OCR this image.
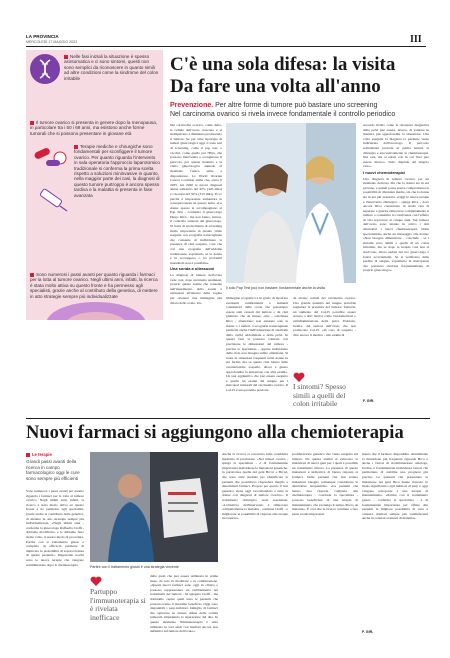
LA PROVINCIA
MERCOLEDÌ 17 MAGGIO 2023	III
Nelle fasi iniziali la situazione è spesso asintomatica e ci sono sintomi, questi non sono semplici da riconoscere in quanto simili ad altre condizioni come la sindrome del colon irritabile
Il tumore ovarico si presenta in genere dopo la menopausa, in particolare tra i 50 i 69 anni, ma esistono anche forme tumorali che si possono presentare in giovane età
Terapie mediche e chirurgiche sono fondamentali per sconfiggere il tumore ovarico. Per quanto riguarda l'intervento in sala operatoria l'approccio laparotomico tradizionale si conferma la prima scelta rispetto a soluzioni mininvasive in quanto, nella maggior parte dei casi, la diagnosi di questo tumore purtroppo è ancora spesso tardiva e la malattia si presenta in fase avanzata
Sono numerosi i passi avanti per quanto riguarda i farmaci per la lotta al tumore ovarico. Negli ultimi anni, infatti, la ricerca è stata molto attiva su questo fronte e ha permesso agli specialisti, grazie anche al contributo della genetica, di mettere in atto strategie sempre più individualizzate
C'è una sola difesa: la visita
Da fare una volta all'anno
Prevenzione. Per altre forme di tumore può bastare uno screening
Nel carcinoma ovarico si rivela invece fondamentale il controllo periodico

Nel carcinoma ovarico, come detto, le cellule dell'ovaio crescono e si moltiplicano a dismisura producendo il tumore. Se per altre tipologie di tumori ginecologici oggi ci sono test di screening, come il pap test, o vaccini, come quello per l'Hpv, che possono intervenire e scongiurare il pericolo, per questa malattia e la visita ginecologica annuale al momento l'unica arma a disposizione. La World Ovarian Cancer Coalition stima che, entro il 2035, sul 2040 le nuove diagnosi annue saliranno del 42% (445 mila) e i decessi del 50% (313 mila). Ecco perché è importante aumentare la consapevolezza su questo tema. «Le donne spesso si accompagnano al Pap Test - conferma il ginecologo Diego Riva - ma non fanno, invece, il controllo annuale dal ginecologo. Si tratta di un momento di screening molto importante in quanto visite eseguite con ecografia transvaginale che consente di individuare la presenza di cisti sospette, cose che con una ecografia dell'addome tradizionale, soprattutto se la donna è in sovrappeso o ha problemi intestinali, non è possibile».

Una sonda a ultrasuoni

La diagnosi di tumore dell'ovaio vede così, dopo un'attenta anamnesi, proprio questo esame che consente nell'inserimento della sonda a ultrasuoni all'interno della vagina per ottenere una immagine più chiara dello ovaie. Un-

Il solo Pap Test può non bastare: fondamentale anche la visita

immagine ecografica è in grado di mostrare eventuali cambiamenti o aumenti volumetrici delle ovaie che potrebbero essere stati causati dal tumore o da cisti piuttosto che da masse, «ma - sottolinea Riva - attenzione: non esistono solo le masse o i tumori. L'ecografia transvaginale permette anche l'individuazione di anomalie della cavità addominale e della pelvi. In questa fase si possono valutare con precisione le dimensioni del tumore - precisa lo specialista - oppure individuare delle cisti, non bisogna subito allarmarsi. Si tratta di situazioni frequenti nelle donne in età fertile, ma se queste cisti hanno delle caratteristiche sospette, allora è giusto approfondire la situazione con altri esami». Un test aggiuntivo che può essere eseguito è quello un esame del sangue per i marcatori tumorali del carcinoma ovarico. Il Ca125 è una proteina prodotta

da alcune cellule del carcinoma ovarico. Una grande quantità nel sangue potrebbe segnalare la presenza del tumore. Tuttavia, un aumento del Ca125 potrebbe essere dovuto a altri motivi come l'endometriosi o un'infiammazione della pelvi. Esistono, inoltre, dei tumori dell'ovaio che non producono Ca125. «In caso di sospetto - dice ancora il medico - uno esame di

I sintomi? Spesso simili a quelli del colon irritabile

secondo livello come la risonanza magnetica della pelvi può essere, invece, di valutare in maniera più approfondita la situazione. Una volta eseguita la diagnosi la paziente viene indirizzata dall'oncologo. Il percorso solitamente prevede in prima battuta la chirurgia e successivamente la chemioterapia. Nei casi, ma si esiste con in cui l'iter può essere diverso. Tutto dipende dal singolo caso».

I nuovi chemioterapici

Una diagnosi di tumore ovarico per un momento delicato, ma che la donna sta in età giovane, e quindi possa essere compromessa la possibilità di diventare madre, sia che la donna sia in età più avanzata. «Oggi le nuove terapie e l'intervento chirurgico - spiega Riva - dove ancora Riva consentono in molti casi di superare e guarire rimuovere completamente il tumore o consentire la convivenza con l'effetto di vita sopravere ai cinque anni. Sul tumore dell'ovaio sono intanto in arrivo i dati alternativi i nuovi chemioterapici. Dalle specialistiche anche un messaggio alle donne: «Non bisogna dimenticare - conclude - se i sintomi sono simili a quelli di un colon irritabile, ma se dopo le terapie così non si risolvono, allora andate dal tuo ginecologo e fatevi accertamenti. Se si verificano delle perdite di sangue, soprattutto in menopausa che potranno rivelarsi frequentemente di proprio ginecologo».

F. GIR.
Nuovi farmaci si aggiungono alla chemioterapia
Le terapie
Grandi passi avanti della ricerca in campo farmacologico oggi le cure sono sempre più efficienti

Sono numerosi i passi avanti per quanto riguarda i farmaci per la lotta al tumore ovarico. Negli ultimi anni, infatti, la ricerca è stata molto attiva su questo fronte e ha permesso agli specialisti, grazie anche al contributo della genetica, di mettere in atto strategie sempre più individualizzate. «Negli ultimi anni - conferma la ginecologa Raffaella Cioffi - abbiamo modificato, e lo abbiamo fatto molte volte, il nostro modo di procedere. Partire con il trattamento giusto e completo di efficacia permette di duplicare le probabilità di sopravvivenza di queste pazienti». Importante novità sono le nuove terapie che vengono somministrate dopo la chemioterapia

Partire con il trattamento giusto è una strategia vincente
Partuppo l'immunoterapia si è rivelata inefficace

delle quali che può essere utilizzata in prima linea, da sola in modulare o in combinazione. «Questi nuovi farmaci sono oggi in clinica e possono rappresentare un cambiamento nei trattamenti del tumore - ha spiegato Cioffi - ma dobbiamo capire quali sono le pazienti che possono trarne il massimo beneficio. Oggi sono disponibili i parp-inibitori, famiglia di farmaci che agiscono su alcune difese delle cellule tumorali, impedendo la riparazione del dna. In questo momento l'immunoterapia è stata utilizzata in vari studi con risultati ancora non definitivi sul tumore dell'ovaio».

Anche la ricerca si concentra sulla cosiddetta medicina di precisione. «Nei tumori ovarici - spiega la specialista - è di fondamentale importanza individuare le mutazioni genetiche, in particolare quelle dei geni Brca1 e Brca2, che sono state studiate per identificare le pazienti che potrebbero rispondere meglio a determinati farmaci. Proprio per questo il test genetico viene oggi raccomandato a tutte le donne con diagnosi di tumore ovarico». Il trattamento chirurgico resta essenziale. «L'obiettivo dell'intervento è rimuovere completamente la malattia - continua Cioffi - e migliorare le possibilità di risposta alle terapie successive».

proliferazione genetica che viene eseguita sul tumore. Da questa analisi si evincono le mutazioni di nuovi geni per i quali è possibile un trattamento mirato. La presenza di queste mutazioni è indicativa di buona risposta ai farmaci. Nelle pazienti che non hanno mutazioni bisogna comunque considerare le alternative terapeutiche. «Le pazienti che hanno una risposta completa alla chemioterapia - conclude la specialista - possono beneficiare di una terapia di mantenimento che prolunga il tempo libero da malattia». È così che la ricerca continua a fare passi avanti importanti.

mento che il farmaco disponibile. Attualmente la mutazione più frequente riguarda Brca e anche i fattori di ricombinazione omologa. Inoltre, è fondamentale individuare fattori che permettano di stabilire una prognosi più precisa. Le pazienti che presentano la mutazione dei geni Brca hanno risposto in modo significativo agli inibitori di parp e oggi vengono sottoposte a una terapia di mantenimento. «Partire con il trattamento giusto - conferma la specialista - è di fondamentale importanza per offrire alle pazienti la migliore possibilità di cura e ottenere risultati sempre più soddisfacenti anche in contesti avanzati di malattia».

F. GIR.
